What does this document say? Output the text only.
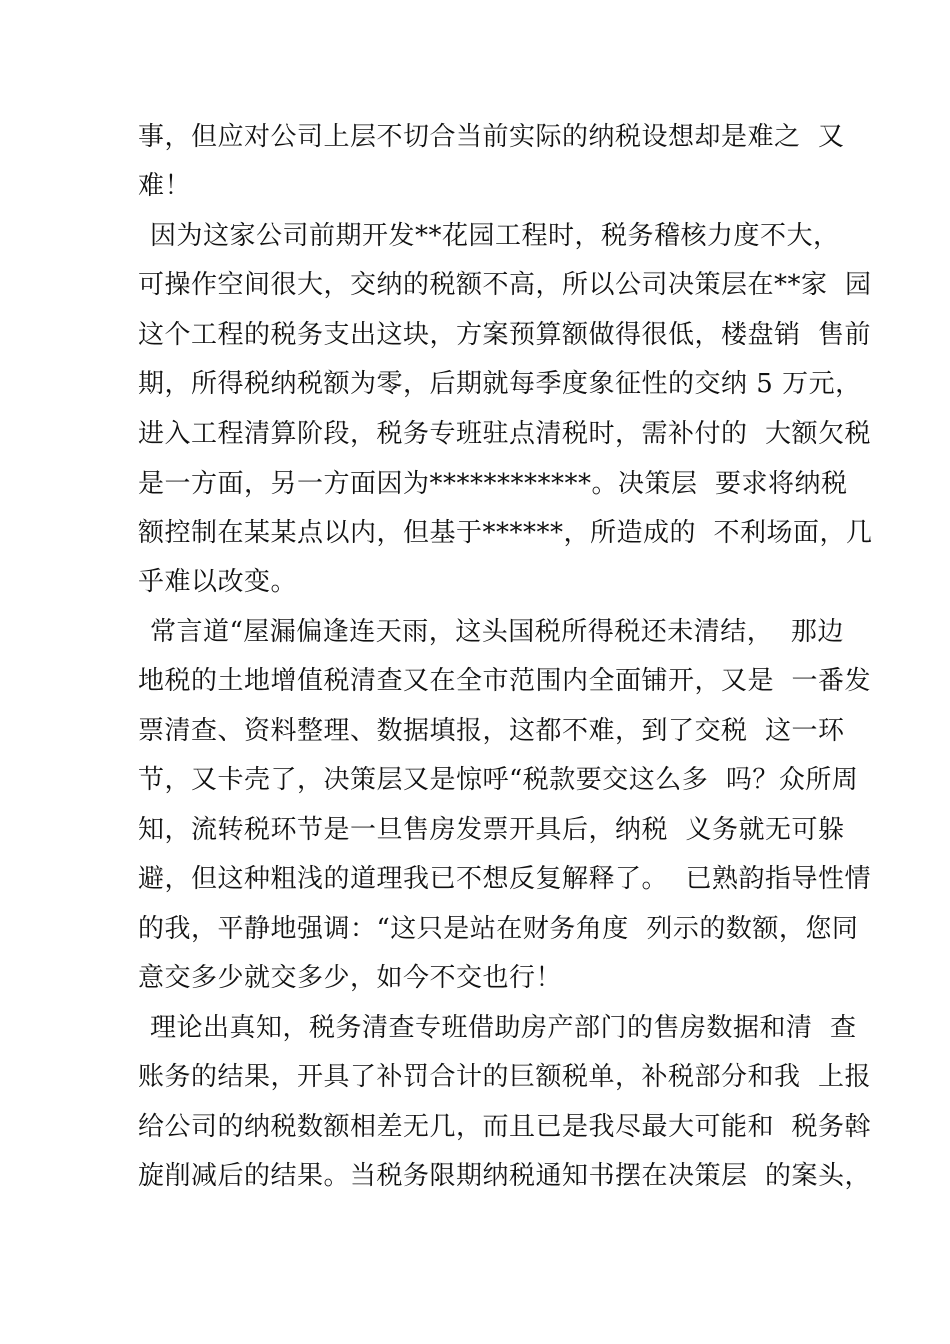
事，但应对公司上层不切合当前实际的纳税设想却是难之  又
难！
因为这家公司前期开发**花园工程时，税务稽核力度不大，
可操作空间很大，交纳的税额不高，所以公司决策层在**家  园
这个工程的税务支出这块，方案预算额做得很低，楼盘销  售前
期，所得税纳税额为零，后期就每季度象征性的交纳 5 万元，
进入工程清算阶段，税务专班驻点清税时，需补付的  大额欠税
是一方面，另一方面因为************。决策层  要求将纳税
额控制在某某点以内，但基于******，所造成的  不利场面，几
乎难以改变。
常言道“屋漏偏逢连天雨，这头国税所得税还未清结，  那边
地税的土地增值税清查又在全市范围内全面铺开，又是  一番发
票清查、资料整理、数据填报，这都不难，到了交税  这一环
节，又卡壳了，决策层又是惊呼“税款要交这么多  吗？众所周
知，流转税环节是一旦售房发票开具后，纳税  义务就无可躲
避，但这种粗浅的道理我已不想反复解释了。  已熟韵指导性情
的我，平静地强调：“这只是站在财务角度  列示的数额，您同
意交多少就交多少，如今不交也行！
理论出真知，税务清查专班借助房产部门的售房数据和清  查
账务的结果，开具了补罚合计的巨额税单，补税部分和我  上报
给公司的纳税数额相差无几，而且已是我尽最大可能和  税务斡
旋削减后的结果。当税务限期纳税通知书摆在决策层  的案头，
